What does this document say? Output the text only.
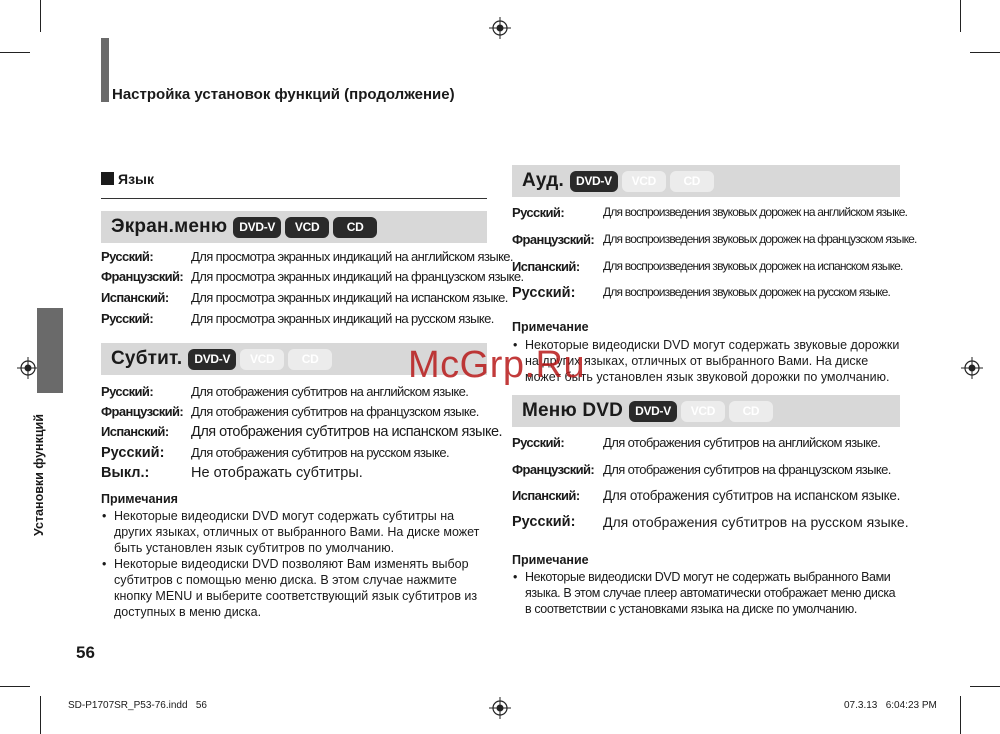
Настройка установок функций (продолжение)
Установки функций
56
Язык
Экран.меню	DVD-V	VCD	CD
Русский:	Для просмотра экранных индикаций на английском языке.
Французский: Для просмотра экранных индикаций на французском языке.
Испанский: Для просмотра экранных индикаций на испанском языке.
Русский:	Для просмотра экранных индикаций на русском языке.
Субтит.	DVD-V	VCD	CD
Русский:	Для отображения субтитров на английском языке.
Французский: Для отображения субтитров на французском языке.
Испанский: Для отображения субтитров на испанском языке.
Русский: Для отображения субтитров на русском языке.
Выкл.:	Не отображать субтитры.
Примечания
• Некоторые видеодиски DVD могут содержать субтитры на других языках, отличных от выбранного Вами. На диске может быть установлен язык субтитров по умолчанию.
• Некоторые видеодиски DVD позволяют Вам изменять выбор субтитров с помощью меню диска. В этом случае нажмите кнопку MENU и выберите соответствующий язык субтитров из доступных в меню диска.
Ауд.	DVD-V	VCD	CD
Русский:	Для воспроизведения звуковых дорожек на английском языке.
Французский: Для воспроизведения звуковых дорожек на французском языке.
Испанский: Для воспроизведения звуковых дорожек на испанском языке.
Русский: Для воспроизведения звуковых дорожек на русском языке.
Примечание
• Некоторые видеодиски DVD могут содержать звуковые дорожки на других языках, отличных от выбранного Вами. На диске может быть установлен язык звуковой дорожки по умолчанию.
Меню DVD	DVD-V	VCD	CD
Русский:	Для отображения субтитров на английском языке.
Французский: Для отображения субтитров на французском языке.
Испанский: Для отображения субтитров на испанском языке.
Русский: Для отображения субтитров на русском языке.
Примечание
• Некоторые видеодиски DVD могут не содержать выбранного Вами языка. В этом случае плеер автоматически отображает меню диска в соответствии с установками языка на диске по умолчанию.
McGrp.Ru
SD-P1707SR_P53-76.indd   56	07.3.13   6:04:23 PM
